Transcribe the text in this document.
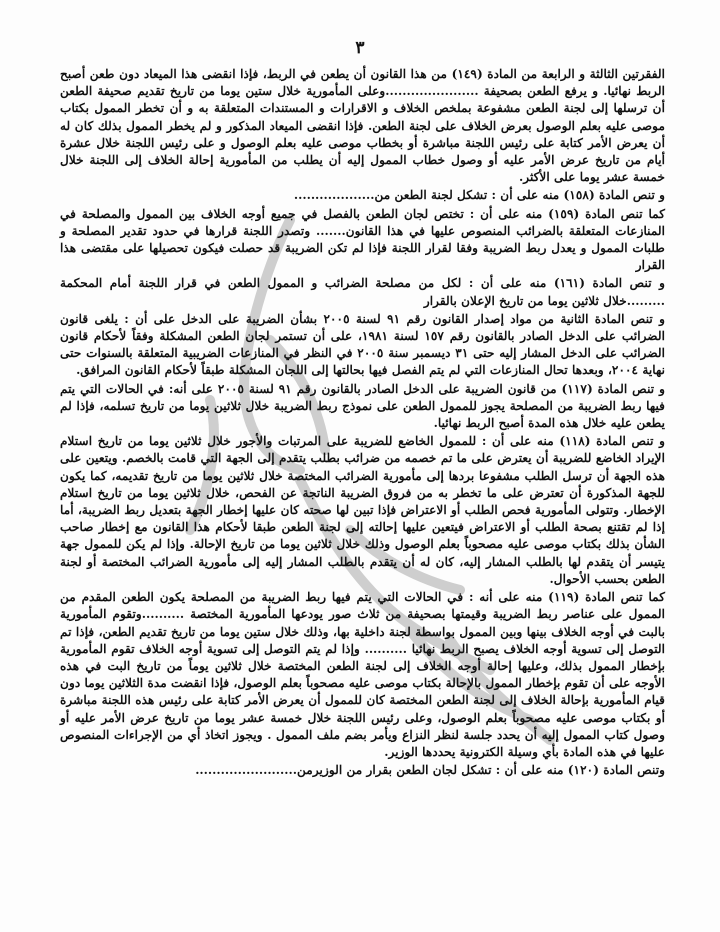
٣

الفقرتين الثالثة و الرابعة من المادة (١٤٩) من هذا القانون أن يطعن في الربط، فإذا انقضى هذا الميعاد دون طعن أصبح الربط نهائيا. و يرفع الطعن بصحيفة ......................وعلى المأمورية خلال ستين يوما من تاريخ تقديم صحيفة الطعن أن ترسلها إلى لجنة الطعن مشفوعة بملخص الخلاف و الاقرارات و المستندات المتعلقة به و أن تخطر الممول بكتاب موصى عليه بعلم الوصول بعرض الخلاف على لجنة الطعن. فإذا انقضى الميعاد المذكور و لم يخطر الممول بذلك كان له أن يعرض الأمر كتابة على رئيس اللجنة مباشرة أو بخطاب موصى عليه بعلم الوصول و على رئيس اللجنة خلال عشرة أيام من تاريخ عرض الأمر عليه أو وصول خطاب الممول إليه أن يطلب من المأمورية إحالة الخلاف إلى اللجنة خلال خمسة عشر يوما على الأكثر.

و تنص المادة (١٥٨) منه على أن : تشكل لجنة الطعن من...................

كما تنص المادة (١٥٩) منه على أن : تختص لجان الطعن بالفصل في جميع أوجه الخلاف بين الممول والمصلحة في المنازعات المتعلقة بالضرائب المنصوص عليها في هذا القانون....... وتصدر اللجنة قرارها في حدود تقدير المصلحة و طلبات الممول و يعدل ربط الضريبة وفقا لقرار اللجنة فإذا لم تكن الضريبة قد حصلت فيكون تحصيلها على مقتضى هذا القرار

و تنص المادة (١٦١) منه على أن : لكل من مصلحة الضرائب و الممول الطعن في قرار اللجنة أمام المحكمة .........خلال ثلاثين يوما من تاريخ الإعلان بالقرار

و تنص المادة الثانية من مواد إصدار القانون رقم ٩١ لسنة ٢٠٠٥ بشأن الضريبة على الدخل على أن : يلغى قانون الضرائب على الدخل الصادر بالقانون رقم ١٥٧ لسنة ١٩٨١، على أن تستمر لجان الطعن المشكلة وفقاً لأحكام قانون الضرائب على الدخل المشار إليه حتى ٣١ ديسمبر سنة ٢٠٠٥ في النظر في المنازعات الضريبية المتعلقة بالسنوات حتى نهاية ٢٠٠٤، وبعدها تحال المنازعات التي لم يتم الفصل فيها بحالتها إلى اللجان المشكلة طبقاً لأحكام القانون المرافق.

و تنص المادة (١١٧) من قانون الضريبة على الدخل الصادر بالقانون رقم ٩١ لسنة ٢٠٠٥ على أنه: في الحالات التي يتم فيها ربط الضريبة من المصلحة يجوز للممول الطعن على نموذج ربط الضريبة خلال ثلاثين يوما من تاريخ تسلمه، فإذا لم يطعن عليه خلال هذه المدة أصبح الربط نهائيا.

و تنص المادة (١١٨) منه على أن : للممول الخاضع للضريبة على المرتبات والأجور خلال ثلاثين يوما من تاريخ استلام الإيراد الخاضع للضريبة أن يعترض على ما تم خصمه من ضرائب بطلب يتقدم إلى الجهة التي قامت بالخصم. ويتعين على هذه الجهة أن ترسل الطلب مشفوعا بردها إلى مأمورية الضرائب المختصة خلال ثلاثين يوما من تاريخ تقديمه، كما يكون للجهة المذكورة أن تعترض على ما تخطر به من فروق الضريبة الناتجة عن الفحص، خلال ثلاثين يوما من تاريخ استلام الإخطار. وتتولى المأمورية فحص الطلب أو الاعتراض فإذا تبين لها صحته كان عليها إخطار الجهة بتعديل ربط الضريبة، أما إذا لم تقتنع بصحة الطلب أو الاعتراض فيتعين عليها إحالته إلى لجنة الطعن طبقا لأحكام هذا القانون مع إخطار صاحب الشأن بذلك بكتاب موصى عليه مصحوباً بعلم الوصول وذلك خلال ثلاثين يوما من تاريخ الإحالة. وإذا لم يكن للممول جهة يتيسر أن يتقدم لها بالطلب المشار إليه، كان له أن يتقدم بالطلب المشار إليه إلى مأمورية الضرائب المختصة أو لجنة الطعن بحسب الأحوال.

كما تنص المادة (١١٩) منه على أنه : في الحالات التي يتم فيها ربط الضريبة من المصلحة يكون الطعن المقدم من الممول على عناصر ربط الضريبة وقيمتها بصحيفة من ثلاث صور يودعها المأمورية المختصة ..........وتقوم المأمورية بالبت في أوجه الخلاف بينها وبين الممول بواسطة لجنة داخلية بها، وذلك خلال ستين يوما من تاريخ تقديم الطعن، فإذا تم التوصل إلى تسوية أوجه الخلاف يصبح الربط نهائيا .......... وإذا لم يتم التوصل إلى تسوية أوجه الخلاف تقوم المأمورية بإخطار الممول بذلك، وعليها إحالة أوجه الخلاف إلى لجنة الطعن المختصة خلال ثلاثين يوماً من تاريخ البت في هذه الأوجه على أن تقوم بإخطار الممول بالإحالة بكتاب موصى عليه مصحوباً بعلم الوصول، فإذا انقضت مدة الثلاثين يوما دون قيام المأمورية بإحالة الخلاف إلى لجنة الطعن المختصة كان للممول أن يعرض الأمر كتابة على رئيس هذه اللجنة مباشرة أو بكتاب موصى عليه مصحوباً بعلم الوصول، وعلى رئيس اللجنة خلال خمسة عشر يوما من تاريخ عرض الأمر عليه أو وصول كتاب الممول إليه أن يحدد جلسة لنظر النزاع ويأمر بضم ملف الممول . ويجوز اتخاذ أي من الإجراءات المنصوص عليها في هذه المادة بأي وسيلة الكترونية يحددها الوزير.

وتنص المادة (١٢٠) منه على أن : تشكل لجان الطعن بقرار من الوزيرمن........................
